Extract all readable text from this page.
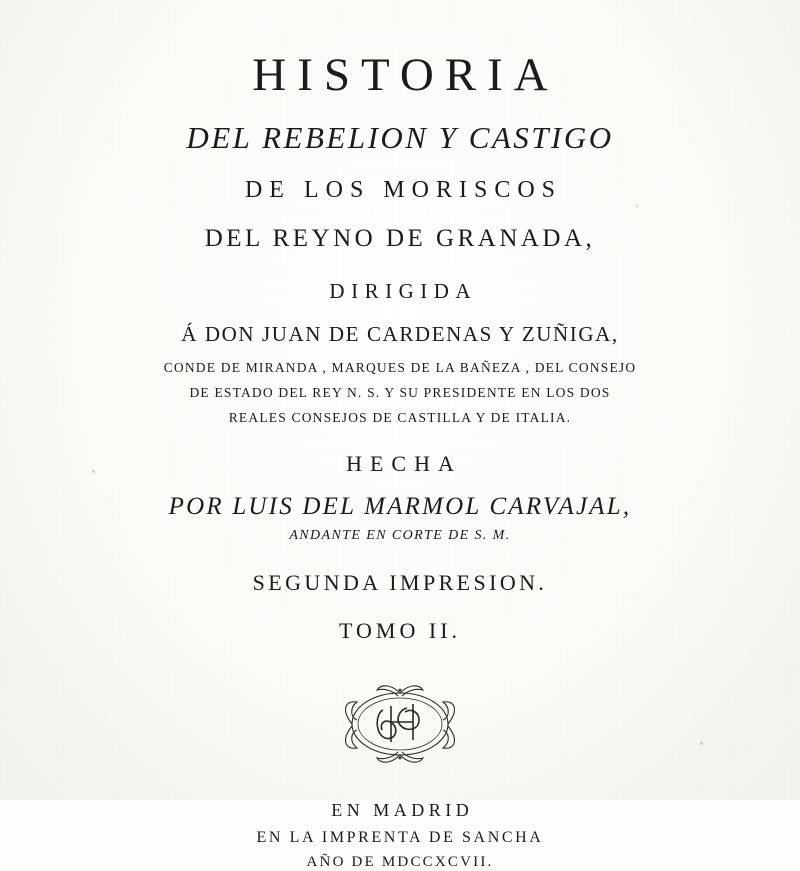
HISTORIA
DEL REBELION Y CASTIGO
DE LOS MORISCOS
DEL REYNO DE GRANADA,
DIRIGIDA
Á DON JUAN DE CARDENAS Y ZUÑIGA,
CONDE DE MIRANDA , MARQUES DE LA BAÑEZA , DEL CONSEJO
DE ESTADO DEL REY N. S. Y SU PRESIDENTE EN LOS DOS
REALES CONSEJOS DE CASTILLA Y DE ITALIA.
HECHA
POR LUIS DEL MARMOL CARVAJAL,
ANDANTE EN CORTE DE S. M.
SEGUNDA IMPRESION.
TOMO II.
EN MADRID
EN LA IMPRENTA DE SANCHA
AÑO DE MDCCXCVII.
